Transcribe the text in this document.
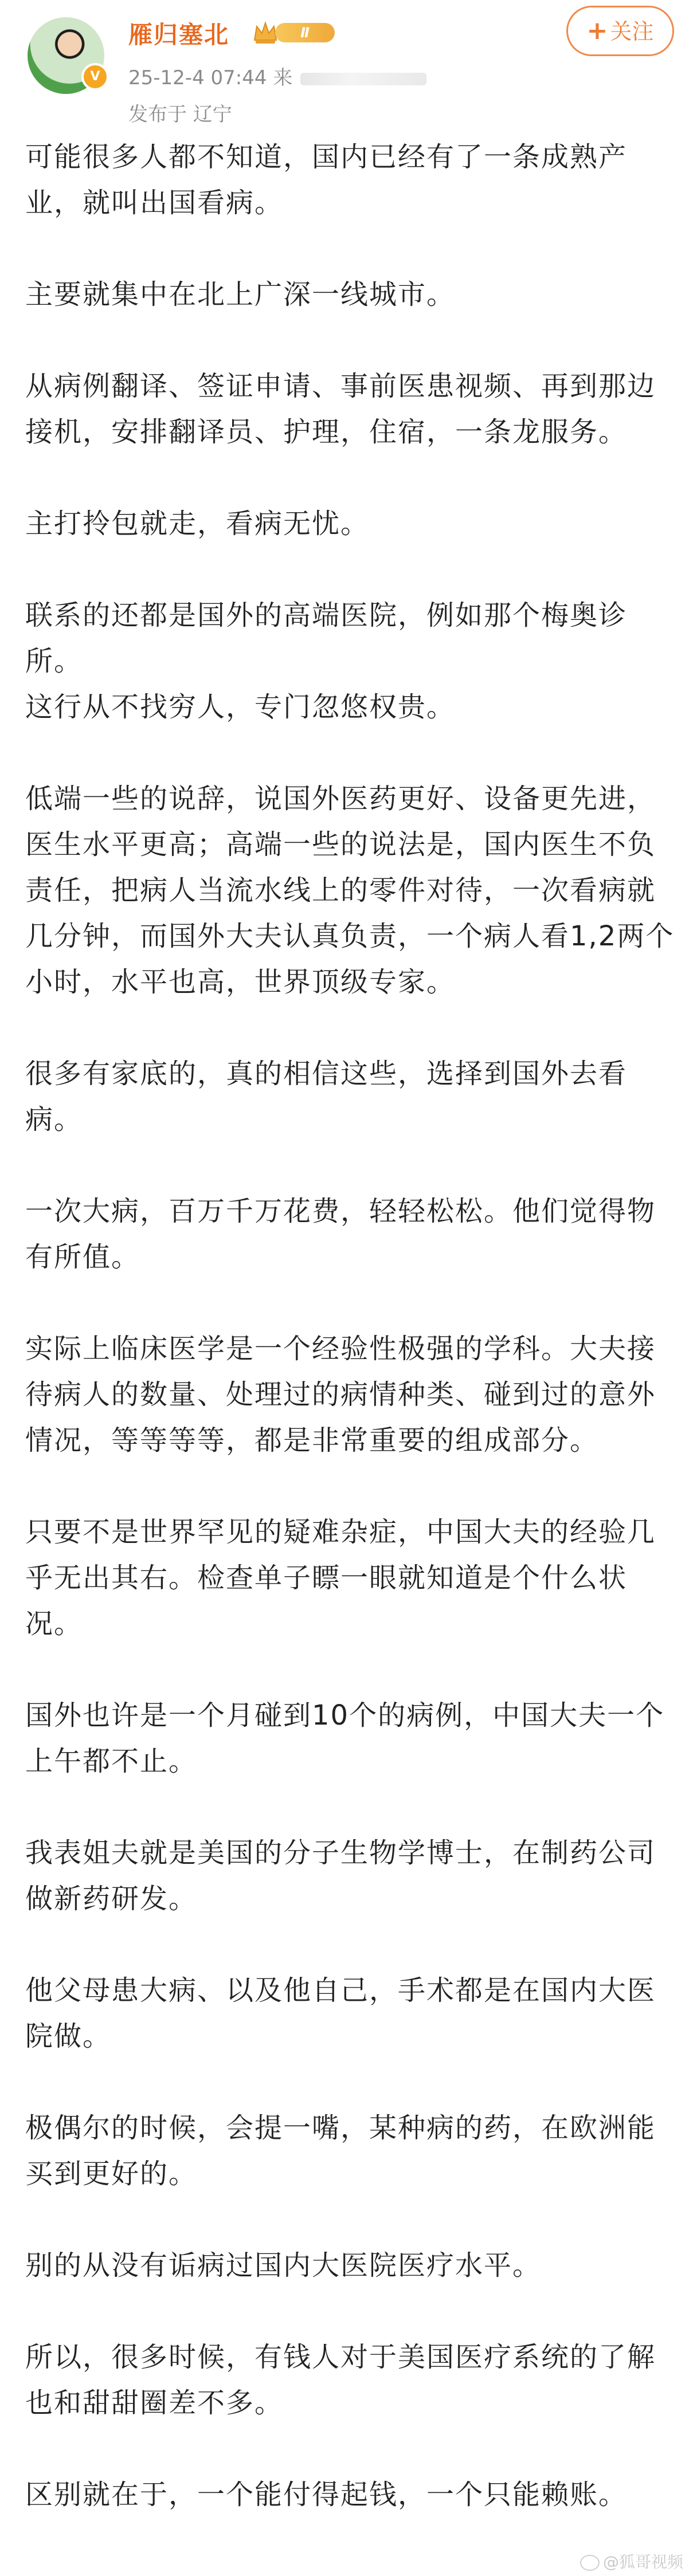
V
雁归塞北	Ⅱ
25-12-4 07:44 来
发布于 辽宁
+ 关注

可能很多人都不知道，国内已经有了一条成熟产业，就叫出国看病。

主要就集中在北上广深一线城市。

从病例翻译、签证申请、事前医患视频、再到那边接机，安排翻译员、护理，住宿，一条龙服务。

主打拎包就走，看病无忧。

联系的还都是国外的高端医院，例如那个梅奥诊所。

这行从不找穷人，专门忽悠权贵。

低端一些的说辞，说国外医药更好、设备更先进，医生水平更高；高端一些的说法是，国内医生不负责任，把病人当流水线上的零件对待，一次看病就几分钟，而国外大夫认真负责，一个病人看1,2两个小时，水平也高，世界顶级专家。

很多有家底的，真的相信这些，选择到国外去看病。

一次大病，百万千万花费，轻轻松松。他们觉得物有所值。

实际上临床医学是一个经验性极强的学科。大夫接待病人的数量、处理过的病情种类、碰到过的意外情况，等等等等，都是非常重要的组成部分。

只要不是世界罕见的疑难杂症，中国大夫的经验几乎无出其右。检查单子瞟一眼就知道是个什么状况。

国外也许是一个月碰到10个的病例，中国大夫一个上午都不止。

我表姐夫就是美国的分子生物学博士，在制药公司做新药研发。

他父母患大病、以及他自己，手术都是在国内大医院做。

极偶尔的时候，会提一嘴，某种病的药，在欧洲能买到更好的。

别的从没有诟病过国内大医院医疗水平。

所以，很多时候，有钱人对于美国医疗系统的了解也和甜甜圈差不多。

区别就在于，一个能付得起钱，一个只能赖账。

@狐哥视频
